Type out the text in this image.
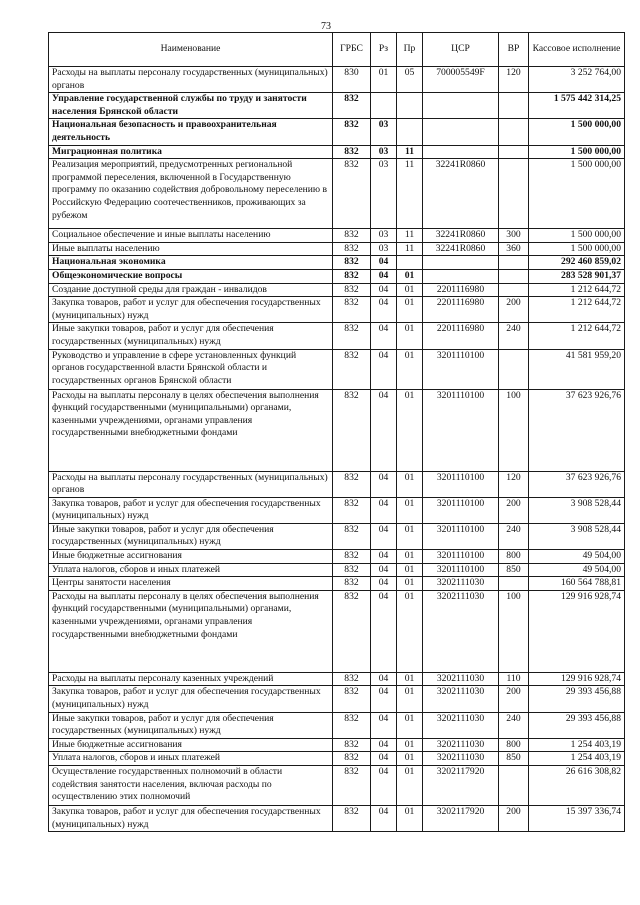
73
Наименование	ГРБС	Рз	Пр	ЦСР	ВР	Кассовое исполнение
Расходы на выплаты персоналу государственных (муниципальных) органов	830	01	05	700005549F	120	3 252 764,00
Управление государственной службы по труду и занятости населения Брянской области	832					1 575 442 314,25
Национальная безопасность и правоохранительная деятельность	832	03				1 500 000,00
Миграционная политика	832	03	11			1 500 000,00
Реализация мероприятий, предусмотренных региональной программой переселения, включенной в Государственную программу по оказанию содействия добровольному переселению в Российскую Федерацию соотечественников, проживающих за рубежом	832	03	11	32241R0860		1 500 000,00
Социальное обеспечение и иные выплаты населению	832	03	11	32241R0860	300	1 500 000,00
Иные выплаты населению	832	03	11	32241R0860	360	1 500 000,00
Национальная экономика	832	04				292 460 859,02
Общеэкономические вопросы	832	04	01			283 528 901,37
Создание доступной среды для граждан - инвалидов	832	04	01	2201116980		1 212 644,72
Закупка товаров, работ и услуг для обеспечения государственных (муниципальных) нужд	832	04	01	2201116980	200	1 212 644,72
Иные закупки товаров, работ и услуг для обеспечения государственных (муниципальных) нужд	832	04	01	2201116980	240	1 212 644,72
Руководство и управление в сфере установленных функций органов государственной власти Брянской области и государственных органов Брянской области	832	04	01	3201110100		41 581 959,20
Расходы на выплаты персоналу в целях обеспечения выполнения функций государственными (муниципальными) органами, казенными учреждениями, органами управления государственными внебюджетными фондами	832	04	01	3201110100	100	37 623 926,76
Расходы на выплаты персоналу государственных (муниципальных) органов	832	04	01	3201110100	120	37 623 926,76
Закупка товаров, работ и услуг для обеспечения государственных (муниципальных) нужд	832	04	01	3201110100	200	3 908 528,44
Иные закупки товаров, работ и услуг для обеспечения государственных (муниципальных) нужд	832	04	01	3201110100	240	3 908 528,44
Иные бюджетные ассигнования	832	04	01	3201110100	800	49 504,00
Уплата налогов, сборов и иных платежей	832	04	01	3201110100	850	49 504,00
Центры занятости населения	832	04	01	3202111030		160 564 788,81
Расходы на выплаты персоналу в целях обеспечения выполнения функций государственными (муниципальными) органами, казенными учреждениями, органами управления государственными внебюджетными фондами	832	04	01	3202111030	100	129 916 928,74
Расходы на выплаты персоналу казенных учреждений	832	04	01	3202111030	110	129 916 928,74
Закупка товаров, работ и услуг для обеспечения государственных (муниципальных) нужд	832	04	01	3202111030	200	29 393 456,88
Иные закупки товаров, работ и услуг для обеспечения государственных (муниципальных) нужд	832	04	01	3202111030	240	29 393 456,88
Иные бюджетные ассигнования	832	04	01	3202111030	800	1 254 403,19
Уплата налогов, сборов и иных платежей	832	04	01	3202111030	850	1 254 403,19
Осуществление государственных полномочий в области содействия занятости населения, включая расходы по осуществлению этих полномочий	832	04	01	3202117920		26 616 308,82
Закупка товаров, работ и услуг для обеспечения государственных (муниципальных) нужд	832	04	01	3202117920	200	15 397 336,74
